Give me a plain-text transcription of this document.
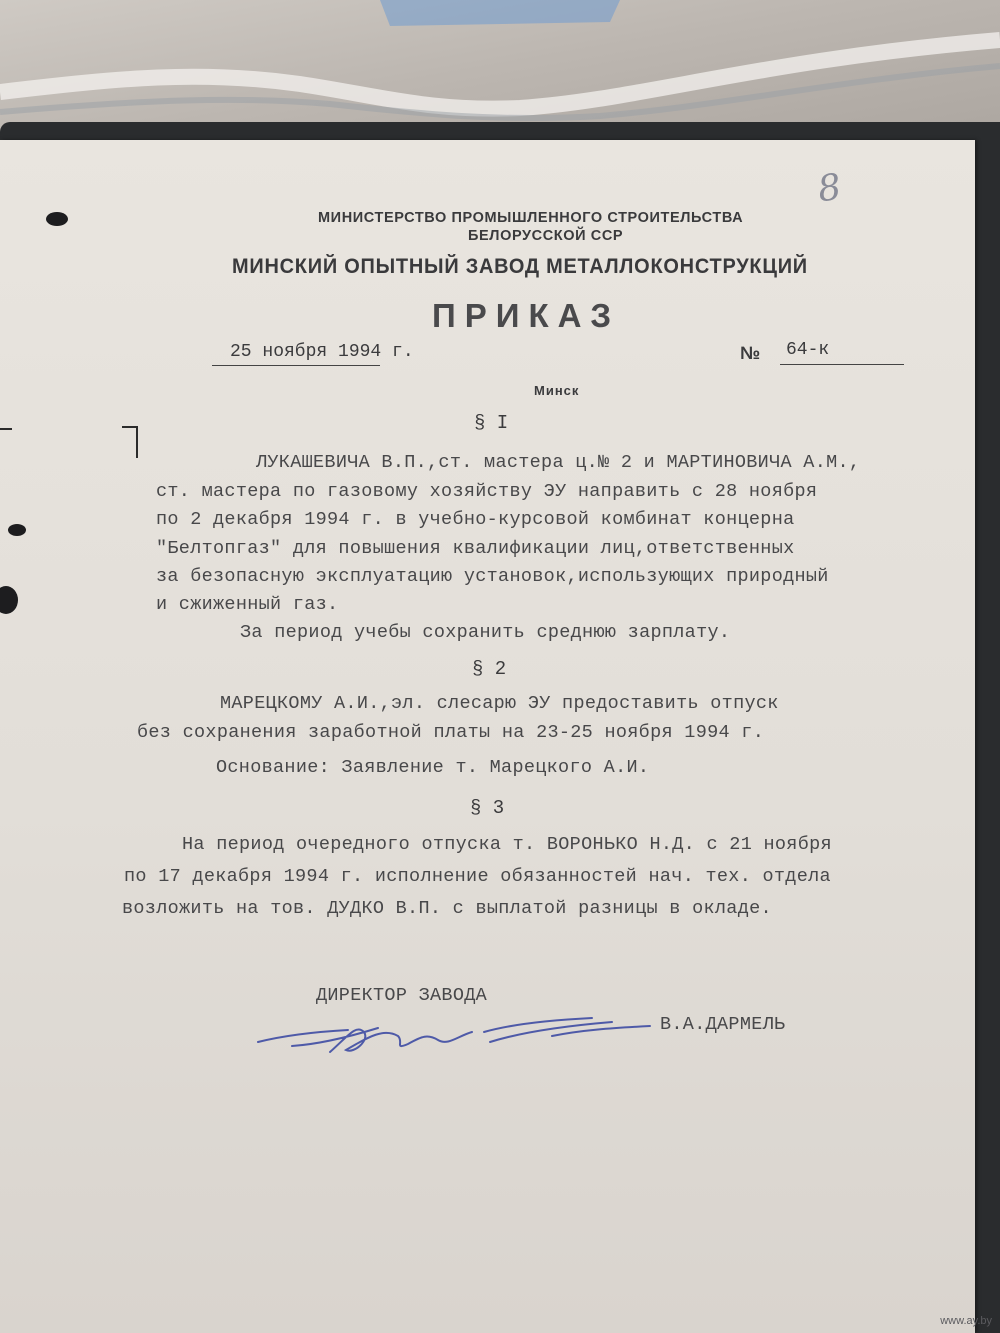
8

МИНИСТЕРСТВО ПРОМЫШЛЕННОГО СТРОИТЕЛЬСТВА

БЕЛОРУССКОЙ ССР

МИНСКИЙ ОПЫТНЫЙ ЗАВОД МЕТАЛЛОКОНСТРУКЦИЙ

ПРИКАЗ

25 ноября 1994 г.	№ 64-к

Минск

§ I

ЛУКАШЕВИЧА В.П.,ст. мастера ц.№ 2 и МАРТИНОВИЧА А.М.,

ст. мастера по газовому хозяйству ЭУ направить с 28 ноября

по 2 декабря 1994 г. в учебно-курсовой комбинат концерна

"Белтопгаз" для повышения квалификации лиц,ответственных

за безопасную эксплуатацию установок,использующих природный

и сжиженный газ.

За период учебы сохранить среднюю зарплату.

§ 2

МАРЕЦКОМУ А.И.,эл. слесарю ЭУ предоставить отпуск

без сохранения заработной платы на 23-25 ноября 1994 г.

Основание: Заявление т. Марецкого А.И.

§ 3

На период очередного отпуска т. ВОРОНЬКО Н.Д. с 21 ноября

по 17 декабря 1994 г. исполнение обязанностей нач. тех. отдела

возложить на тов. ДУДКО В.П. с выплатой разницы в окладе.

ДИРЕКТОР ЗАВОДА

В.А.ДАРМЕЛЬ

www.ay.by
